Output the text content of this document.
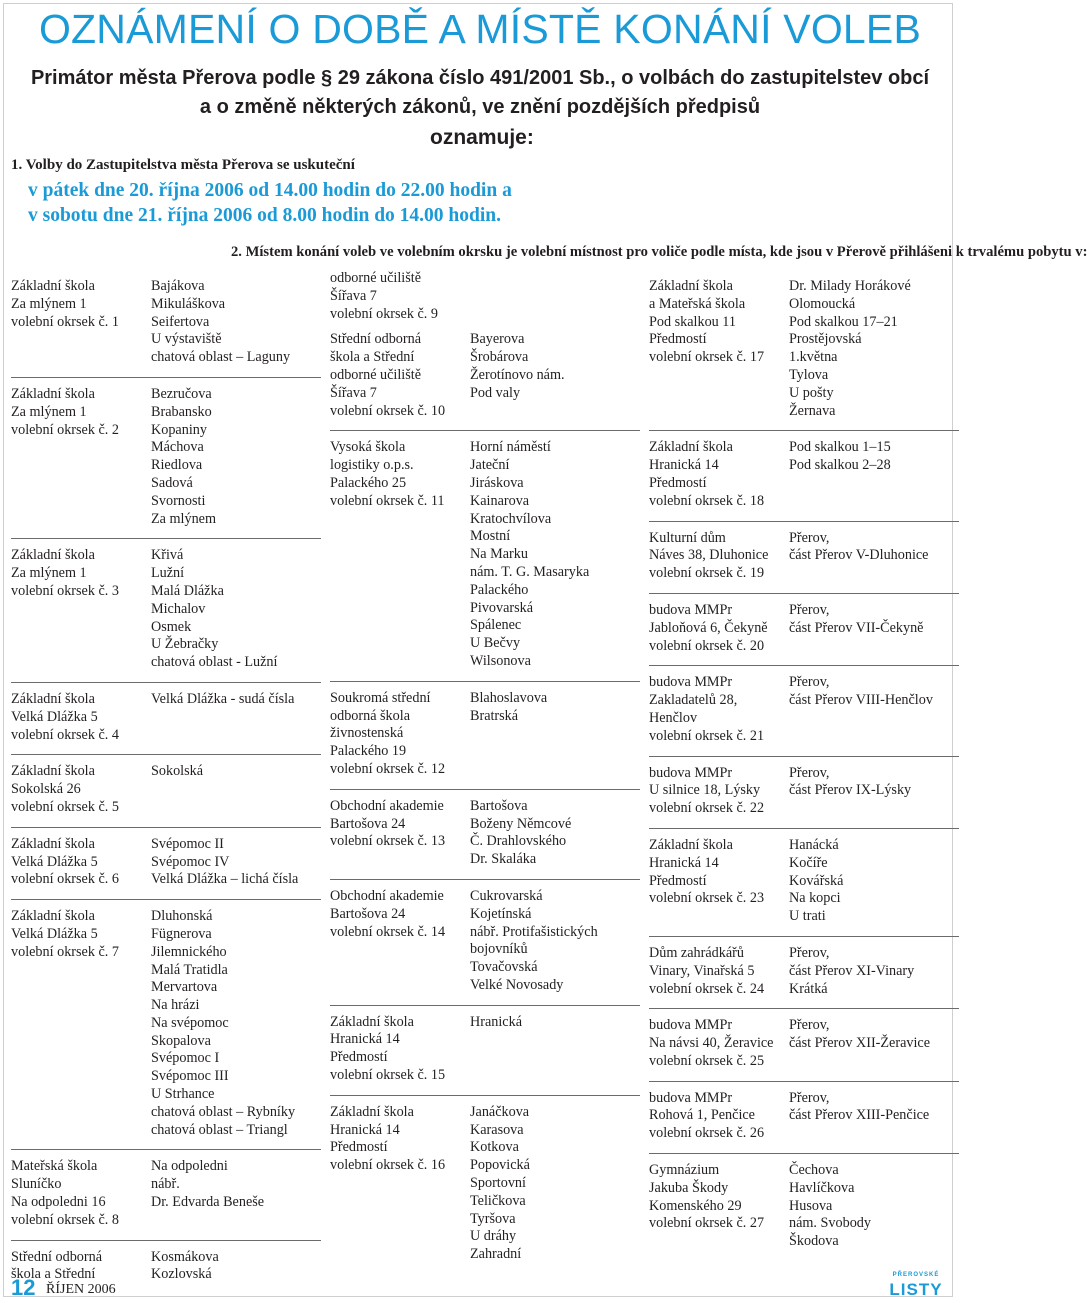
OZNÁMENÍ O DOBĚ A MÍSTĚ KONÁNÍ VOLEB
Primátor města Přerova podle § 29 zákona číslo 491/2001 Sb., o volbách do zastupitelstev obcí
a o změně některých zákonů, ve znění pozdějších předpisů
oznamuje:
1. Volby do Zastupitelstva města Přerova se uskuteční
v pátek dne 20. října 2006 od 14.00 hodin do 22.00 hodin a
v sobotu dne 21. října 2006 od 8.00 hodin do 14.00 hodin.
2. Místem konání voleb ve volebním okrsku je volební místnost pro voliče podle místa, kde jsou v Přerově přihlášeni k trvalému pobytu v:
Základní škola
Za mlýnem 1
volební okrsek č. 1
Bajákova
Mikuláškova
Seifertova
U výstaviště
chatová oblast – Laguny
Základní škola
Za mlýnem 1
volební okrsek č. 2
Bezručova
Brabansko
Kopaniny
Máchova
Riedlova
Sadová
Svornosti
Za mlýnem
Základní škola
Za mlýnem 1
volební okrsek č. 3
Křivá
Lužní
Malá Dlážka
Michalov
Osmek
U Žebračky
chatová oblast - Lužní
Základní škola
Velká Dlážka 5
volební okrsek č. 4
Velká Dlážka - sudá čísla
Základní škola
Sokolská 26
volební okrsek č. 5
Sokolská
Základní škola
Velká Dlážka 5
volební okrsek č. 6
Svépomoc II
Svépomoc IV
Velká Dlážka – lichá čísla
Základní škola
Velká Dlážka 5
volební okrsek č. 7
Dluhonská
Fügnerova
Jilemnického
Malá Tratidla
Mervartova
Na hrázi
Na svépomoc
Skopalova
Svépomoc I
Svépomoc III
U Strhance
chatová oblast – Rybníky
chatová oblast – Triangl
Mateřská škola
Sluníčko
Na odpoledni 16
volební okrsek č. 8
Na odpoledni
nábř.
Dr. Edvarda Beneše
Střední odborná
škola a Střední
Kosmákova
Kozlovská
odborné učiliště
Šířava 7
volební okrsek č. 9
Střední odborná
škola a Střední
odborné učiliště
Šířava 7
volební okrsek č. 10
Bayerova
Šrobárova
Žerotínovo nám.
Pod valy
Vysoká škola
logistiky o.p.s.
Palackého 25
volební okrsek č. 11
Horní náměstí
Jateční
Jiráskova
Kainarova
Kratochvílova
Mostní
Na Marku
nám. T. G. Masaryka
Palackého
Pivovarská
Spálenec
U Bečvy
Wilsonova
Soukromá střední
odborná škola
živnostenská
Palackého 19
volební okrsek č. 12
Blahoslavova
Bratrská
Obchodní akademie
Bartošova 24
volební okrsek č. 13
Bartošova
Boženy Němcové
Č. Drahlovského
Dr. Skaláka
Obchodní akademie
Bartošova 24
volební okrsek č. 14
Cukrovarská
Kojetínská
nábř. Protifašistických
bojovníků
Tovačovská
Velké Novosady
Základní škola
Hranická 14
Předmostí
volební okrsek č. 15
Hranická
Základní škola
Hranická 14
Předmostí
volební okrsek č. 16
Janáčkova
Karasova
Kotkova
Popovická
Sportovní
Teličkova
Tyršova
U dráhy
Zahradní
Základní škola
a Mateřská škola
Pod skalkou 11
Předmostí
volební okrsek č. 17
Dr. Milady Horákové
Olomoucká
Pod skalkou 17–21
Prostějovská
1.května
Tylova
U pošty
Žernava
Základní škola
Hranická 14
Předmostí
volební okrsek č. 18
Pod skalkou 1–15
Pod skalkou 2–28
Kulturní dům
Náves 38, Dluhonice
volební okrsek č. 19
Přerov,
část Přerov V-Dluhonice
budova MMPr
Jabloňová 6, Čekyně
volební okrsek č. 20
Přerov,
část Přerov VII-Čekyně
budova MMPr
Zakladatelů 28,
Henčlov
volební okrsek č. 21
Přerov,
část Přerov VIII-Henčlov
budova MMPr
U silnice 18, Lýsky
volební okrsek č. 22
Přerov,
část Přerov IX-Lýsky
Základní škola
Hranická 14
Předmostí
volební okrsek č. 23
Hanácká
Kočíře
Kovářská
Na kopci
U trati
Dům zahrádkářů
Vinary, Vinařská 5
volební okrsek č. 24
Přerov,
část Přerov XI-Vinary
Krátká
budova MMPr
Na návsi 40, Žeravice
volební okrsek č. 25
Přerov,
část Přerov XII-Žeravice
budova MMPr
Rohová 1, Penčice
volební okrsek č. 26
Přerov,
část Přerov XIII-Penčice
Gymnázium
Jakuba Škody
Komenského 29
volební okrsek č. 27
Čechova
Havlíčkova
Husova
nám. Svobody
Škodova
12 ŘÍJEN 2006
PŘEROVSKÉ
LISTY
